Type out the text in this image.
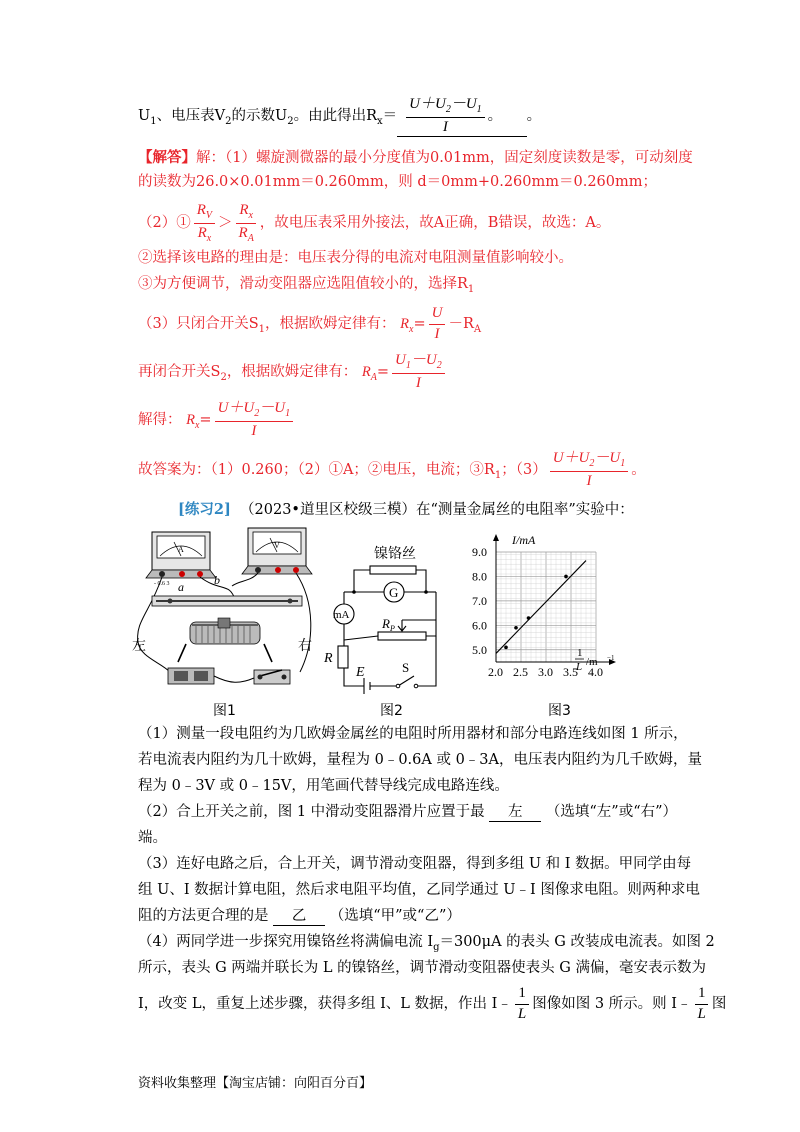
$U_1$、电压表$V_2$的示数$U_2$。由此得出$R_x= \frac{U+U_2-U_1}{I}$ 。 。
【解答】解：（1）螺旋测微器的最小分度值为0.01mm，固定刻度读数是零，可动刻度
的读数为26.0×0.01mm＝0.260mm，则 d＝0mm+0.260mm＝0.260mm；
（2）① $\frac{R_V}{R_x} > \frac{R_x}{R_A}$ ，故电压表采用外接法，故A正确，B错误，故选：A。
②选择该电路的理由是：电压表分得的电流对电阻测量值影响较小。
③为方便调节，滑动变阻器应选阻值较小的，选择$R_1$
（3）只闭合开关$S_1$，根据欧姆定律有： $R_x= \frac{U}{I} -R_A$
再闭合开关$S_2$，根据欧姆定律有： $R_A= \frac{U_1-U_2}{I}$
解得： $R_x= \frac{U+U_2-U_1}{I}$
故答案为：（1）0.260；（2）①A；②电压，电流；$③R_1$；$(3) \frac{U+U_2-U_1}{I}$ 。
[练习2] （2023•道里区校级三模）在“测量金属丝的电阻率”实验中：
A
- 0.6 3
V
a	b
左	右
图1
镍铬丝
G
mA
$R_P$
R
E	S
图2
2.0 2.5 3.0 3.5 4.0
5.0
6.0
7.0
8.0
9.0
I/mA
1
L /m −1
图3
（1）测量一段电阻约为几欧姆金属丝的电阻时所用器材和部分电路连线如图 1 所示，
若电流表内阻约为几十欧姆，量程为 0﹣0.6A 或 0﹣3A，电压表内阻约为几千欧姆，量
程为 0﹣3V 或 0﹣15V，用笔画代替导线完成电路连线。
（2）合上开关之前，图 1 中滑动变阻器滑片应置于最 左 （选填“左”或“右”）
端。
（3）连好电路之后，合上开关，调节滑动变阻器，得到多组 U 和 I 数据。甲同学由每
组 U、I 数据计算电阻，然后求电阻平均值，乙同学通过 U﹣I 图像求电阻。则两种求电
阻的方法更合理的是 乙 （选填“甲”或“乙”）
（4）两同学进一步探究用镍铬丝将满偏电流 $I_g=300\mu A$ 的表头 G 改装成电流表。如图 2
所示，表头 G 两端并联长为 L 的镍铬丝，调节滑动变阻器使表头 G 满偏，毫安表示数为
I，改变 L，重复上述步骤，获得多组 I、L 数据，作出 I﹣ $\frac{1}{L}$ 图像如图 3 所示。则 I﹣ $\frac{1}{L}$ 图
资料收集整理【淘宝店铺：向阳百分百】
